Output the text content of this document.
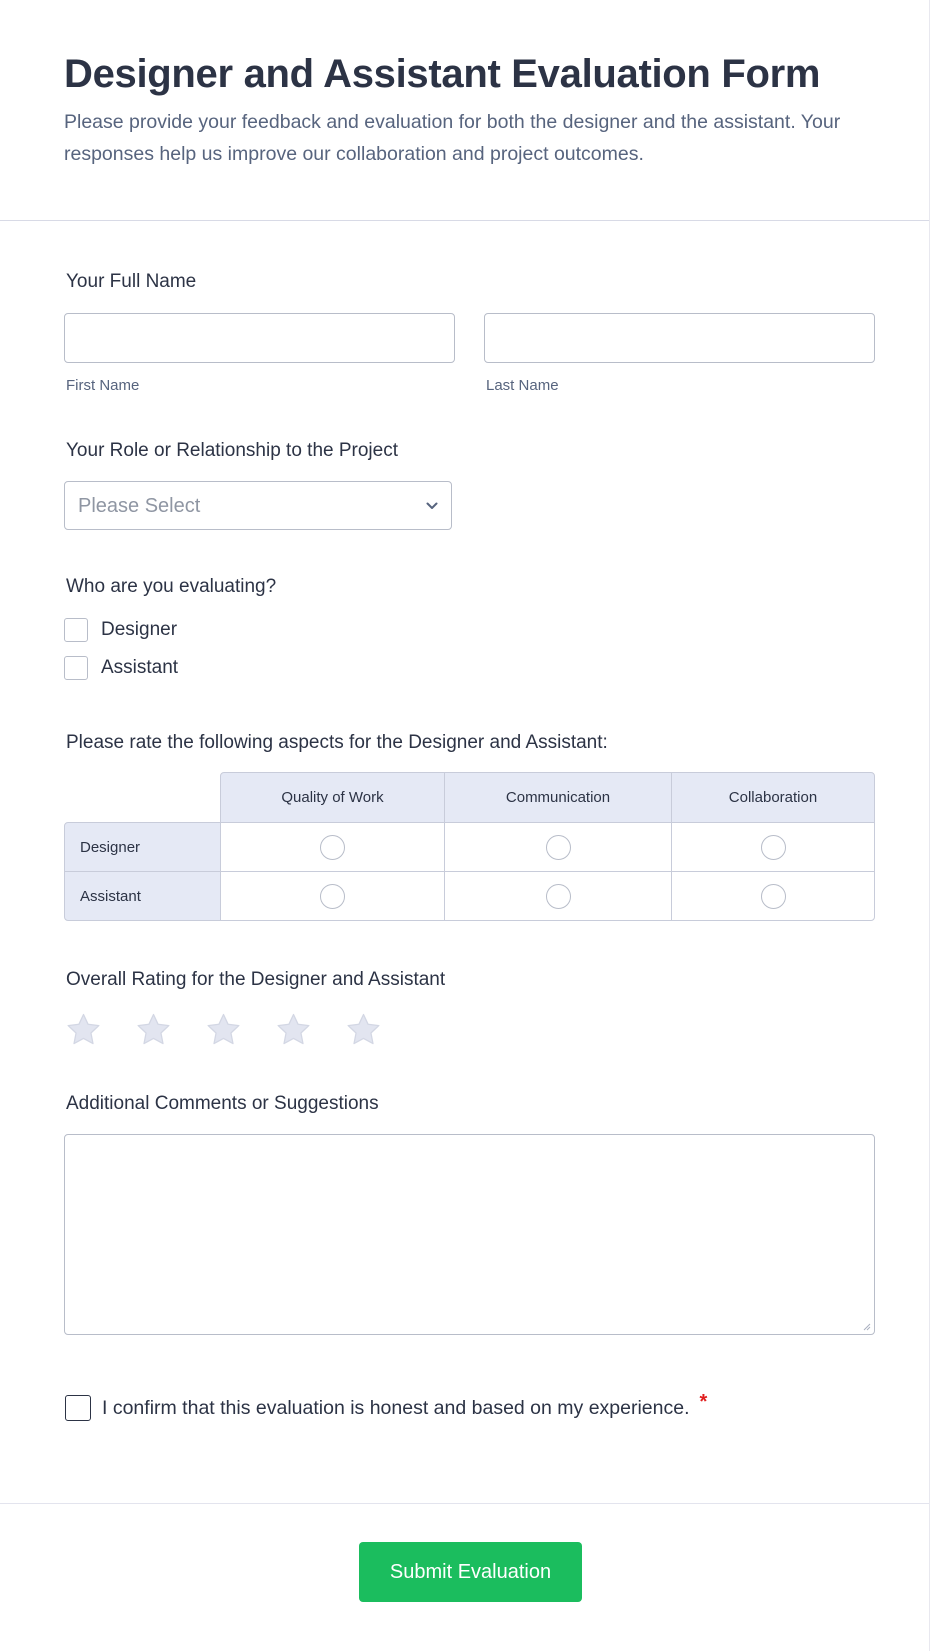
Designer and Assistant Evaluation Form

Please provide your feedback and evaluation for both the designer and the assistant. Your responses help us improve our collaboration and project outcomes.

Your Full Name
First Name	Last Name
Your Role or Relationship to the Project
Please Select
Who are you evaluating?
Designer
Assistant
Please rate the following aspects for the Designer and Assistant:
Quality of Work	Communication	Collaboration
Designer
Assistant
Overall Rating for the Designer and Assistant
Additional Comments or Suggestions
I confirm that this evaluation is honest and based on my experience. *
Submit Evaluation
